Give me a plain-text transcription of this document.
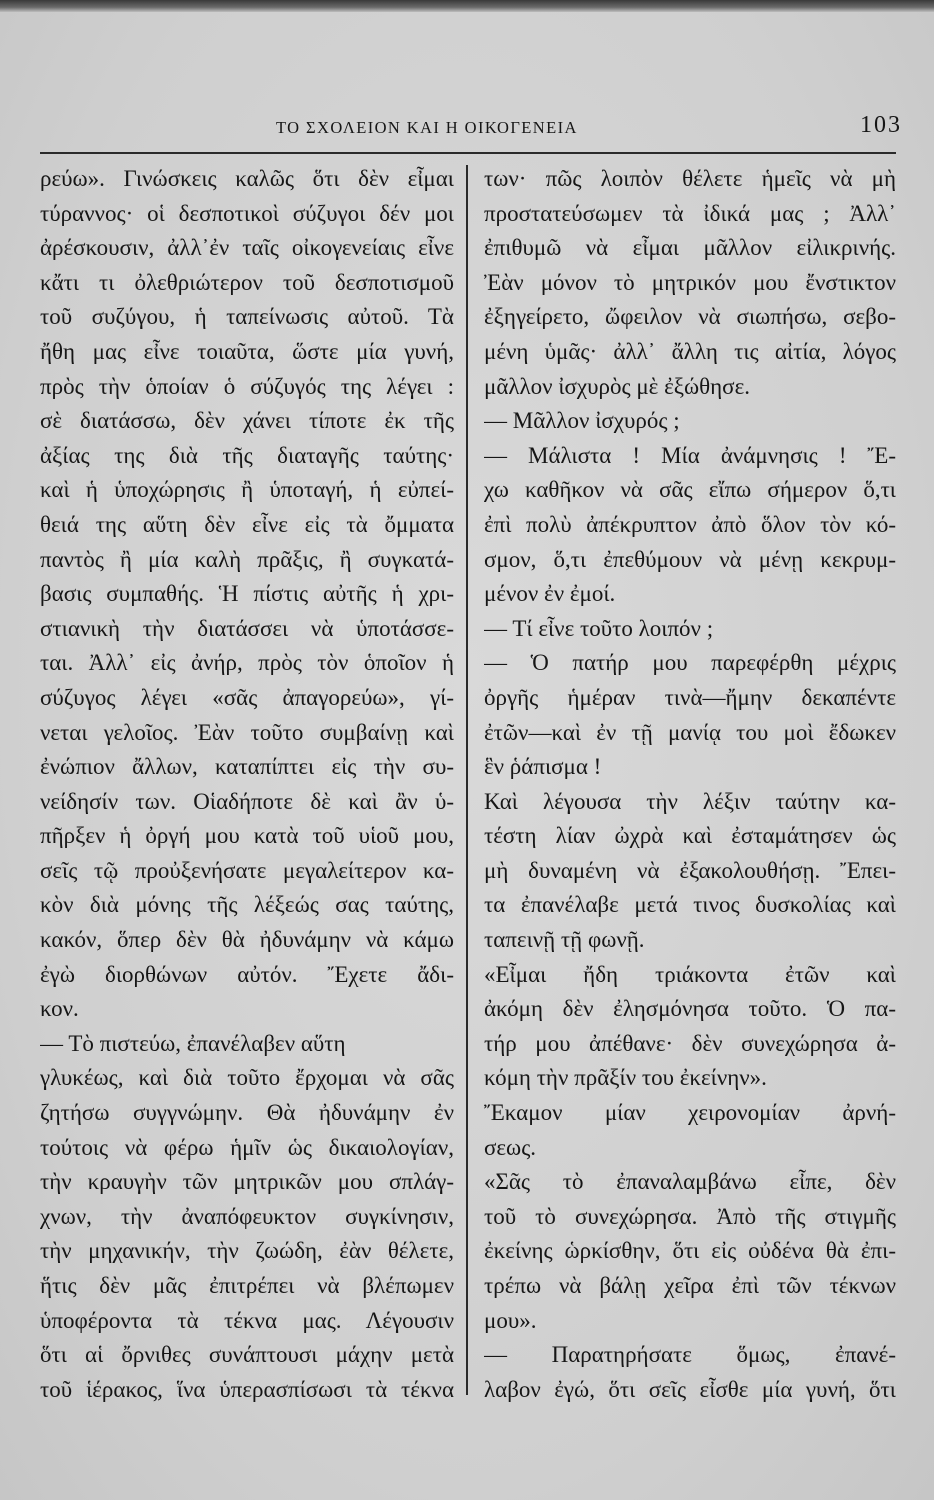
ΤΟ ΣΧΟΛΕΙΟΝ ΚΑΙ Η ΟΙΚΟΓΕΝΕΙΑ	103
ρεύω». Γινώσκεις καλῶς ὅτι δὲν εἶμαι
τύραννος· οἱ δεσποτικοὶ σύζυγοι δέν μοι
ἀρέσκουσιν, ἀλλ᾽ἐν ταῖς οἰκογενείαις εἶνε
κἄτι τι ὀλεθριώτερον τοῦ δεσποτισμοῦ
τοῦ συζύγου, ἡ ταπείνωσις αὐτοῦ. Τὰ
ἤθη μας εἶνε τοιαῦτα, ὥστε μία γυνή,
πρὸς τὴν ὁποίαν ὁ σύζυγός της λέγει :
σὲ διατάσσω, δὲν χάνει τίποτε ἐκ τῆς
ἀξίας της διὰ τῆς διαταγῆς ταύτης·
καὶ ἡ ὑποχώρησις ἢ ὑποταγή, ἡ εὐπεί-
θειά της αὕτη δὲν εἶνε εἰς τὰ ὄμματα
παντὸς ἢ μία καλὴ πρᾶξις, ἢ συγκατά-
βασις συμπαθής. Ἡ πίστις αὐτῆς ἡ χρι-
στιανικὴ τὴν διατάσσει νὰ ὑποτάσσε-
ται. Ἀλλ᾽ εἰς ἀνήρ, πρὸς τὸν ὁποῖον ἡ
σύζυγος λέγει «σᾶς ἀπαγορεύω», γί-
νεται γελοῖος. Ἐὰν τοῦτο συμβαίνῃ καὶ
ἐνώπιον ἄλλων, καταπίπτει εἰς τὴν συ-
νείδησίν των. Οἱαδήποτε δὲ καὶ ἂν ὑ-
πῆρξεν ἡ ὀργή μου κατὰ τοῦ υἱοῦ μου,
σεῖς τῷ προὐξενήσατε μεγαλείτερον κα-
κὸν διὰ μόνης τῆς λέξεώς σας ταύτης,
κακόν, ὅπερ δὲν θὰ ἠδυνάμην νὰ κάμω
ἐγὼ διορθώνων αὐτόν. Ἔχετε ἄδι-
κον.
— Τὸ πιστεύω, ἐπανέλαβεν αὕτη
γλυκέως, καὶ διὰ τοῦτο ἔρχομαι νὰ σᾶς
ζητήσω συγγνώμην. Θὰ ἠδυνάμην ἐν
τούτοις νὰ φέρω ἡμῖν ὡς δικαιολογίαν,
τὴν κραυγὴν τῶν μητρικῶν μου σπλάγ-
χνων, τὴν ἀναπόφευκτον συγκίνησιν,
τὴν μηχανικήν, τὴν ζωώδη, ἐὰν θέλετε,
ἥτις δὲν μᾶς ἐπιτρέπει νὰ βλέπωμεν
ὑποφέροντα τὰ τέκνα μας. Λέγουσιν
ὅτι αἱ ὄρνιθες συνάπτουσι μάχην μετὰ
τοῦ ἱέρακος, ἵνα ὑπερασπίσωσι τὰ τέκνα
των· πῶς λοιπὸν θέλετε ἡμεῖς νὰ μὴ
προστατεύσωμεν τὰ ἰδικά μας ; Ἀλλ᾽
ἐπιθυμῶ νὰ εἶμαι μᾶλλον εἰλικρινής.
Ἐὰν μόνον τὸ μητρικόν μου ἔνστικτον
ἐξηγείρετο, ὤφειλον νὰ σιωπήσω, σεβο-
μένη ὑμᾶς· ἀλλ᾽ ἄλλη τις αἰτία, λόγος
μᾶλλον ἰσχυρὸς μὲ ἐξώθησε.
— Μᾶλλον ἰσχυρός ;
— Μάλιστα ! Μία ἀνάμνησις ! Ἔ-
χω καθῆκον νὰ σᾶς εἴπω σήμερον ὅ,τι
ἐπὶ πολὺ ἀπέκρυπτον ἀπὸ ὅλον τὸν κό-
σμον, ὅ,τι ἐπεθύμουν νὰ μένῃ κεκρυμ-
μένον ἐν ἐμοί.
— Τί εἶνε τοῦτο λοιπόν ;
— Ὁ πατήρ μου παρεφέρθη μέχρις
ὀργῆς ἡμέραν τινὰ—ἤμην δεκαπέντε
ἐτῶν—καὶ ἐν τῇ μανίᾳ του μοὶ ἔδωκεν
ἓν ῥάπισμα !
Καὶ λέγουσα τὴν λέξιν ταύτην κα-
τέστη λίαν ὠχρὰ καὶ ἐσταμάτησεν ὡς
μὴ δυναμένη νὰ ἐξακολουθήσῃ. Ἔπει-
τα ἐπανέλαβε μετά τινος δυσκολίας καὶ
ταπεινῇ τῇ φωνῇ.
«Εἶμαι ἤδη τριάκοντα ἐτῶν καὶ
ἀκόμη δὲν ἐλησμόνησα τοῦτο. Ὁ πα-
τήρ μου ἀπέθανε· δὲν συνεχώρησα ἀ-
κόμη τὴν πρᾶξίν του ἐκείνην».
Ἔκαμον μίαν χειρονομίαν ἀρνή-
σεως.
«Σᾶς τὸ ἐπαναλαμβάνω εἶπε, δὲν
τοῦ τὸ συνεχώρησα. Ἀπὸ τῆς στιγμῆς
ἐκείνης ὡρκίσθην, ὅτι εἰς οὐδένα θὰ ἐπι-
τρέπω νὰ βάλῃ χεῖρα ἐπὶ τῶν τέκνων
μου».
— Παρατηρήσατε ὅμως, ἐπανέ-
λαβον ἐγώ, ὅτι σεῖς εἶσθε μία γυνή, ὅτι
